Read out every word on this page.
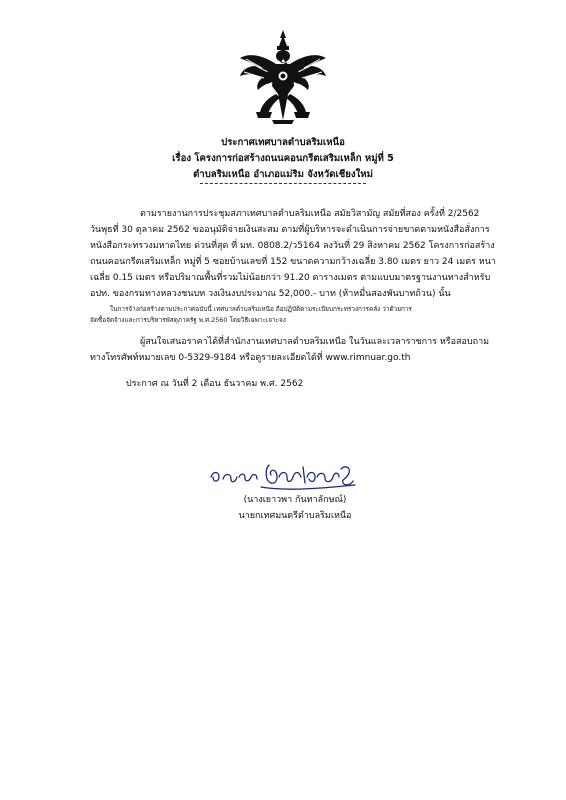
ประกาศเทศบาลตำบลริมเหนือ
เรื่อง โครงการก่อสร้างถนนคอนกรีตเสริมเหล็ก หมู่ที่ 5
ตำบลริมเหนือ อำเภอแม่ริม จังหวัดเชียงใหม่
ตามรายงานการประชุมสภาเทศบาลตำบลริมเหนือ สมัยวิสามัญ สมัยที่สอง ครั้งที่ 2/2562
วันพุธที่ 30 ตุลาคม 2562 ขออนุมัติจ่ายเงินสะสม ตามที่ผู้บริหารจะดำเนินการจ่ายขาดตามหนังสือสั่งการ
หนังสือกระทรวงมหาดไทย ด่วนที่สุด ที่ มท. 0808.2/ว5164 ลงวันที่ 29 สิงหาคม 2562 โครงการก่อสร้าง
ถนนคอนกรีตเสริมเหล็ก หมู่ที่ 5 ซอยบ้านเลขที่ 152 ขนาดความกว้างเฉลี่ย 3.80 เมตร ยาว 24 เมตร หนา
เฉลี่ย 0.15 เมตร หรือปริมาณพื้นที่รวมไม่น้อยกว่า 91.20 ตารางเมตร ตามแบบมาตรฐานงานทางสำหรับ
อปท. ของกรมทางหลวงชนบท วงเงินงบประมาณ 52,000.- บาท (ห้าหมื่นสองพันบาทถ้วน) นั้น
ในการจ้างก่อสร้างตามประกาศฉบับนี้ เทศบาลตำบลริมเหนือ ถือปฏิบัติตามระเบียบกระทรวงการคลัง ว่าด้วยการ
จัดซื้อจัดจ้างและการบริหารพัสดุภาครัฐ พ.ศ.2560 โดยวิธีเฉพาะเจาะจง
ผู้สนใจเสนอราคาได้ที่สำนักงานเทศบาลตำบลริมเหนือ ในวันและเวลาราชการ หรือสอบถาม
ทางโทรศัพท์หมายเลข 0-5329-9184 หรือดูรายละเอียดได้ที่ www.rimnuar.go.th
ประกาศ ณ วันที่ 2 เดือน ธันวาคม พ.ศ. 2562
(นางเยาวพา กันทาลักษณ์)
นายกเทศมนตรีตำบลริมเหนือ
